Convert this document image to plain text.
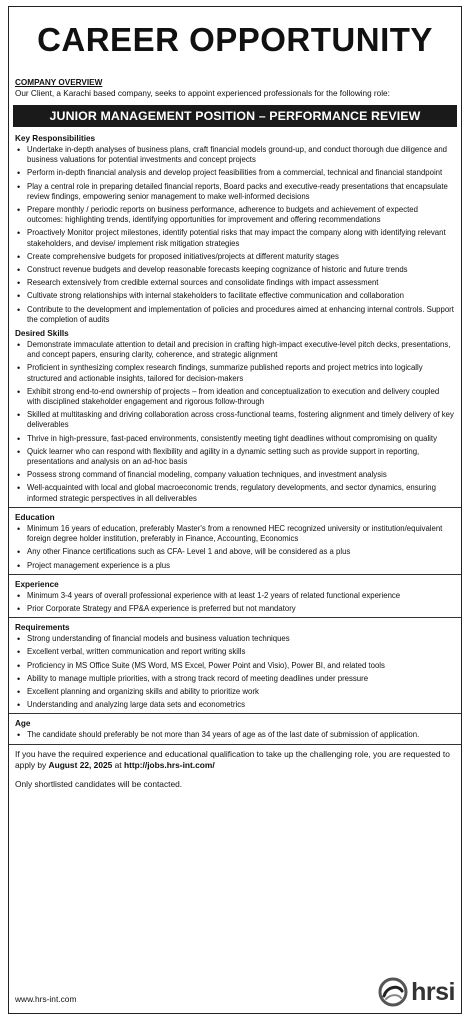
CAREER OPPORTUNITY
COMPANY OVERVIEW
Our Client, a Karachi based company, seeks to appoint experienced professionals for the following role:
JUNIOR MANAGEMENT POSITION – PERFORMANCE REVIEW
Key Responsibilities
• Undertake in-depth analyses of business plans, craft financial models ground-up, and conduct thorough due diligence and business valuations for potential investments and concept projects
• Perform in-depth financial analysis and develop project feasibilities from a commercial, technical and financial standpoint
• Play a central role in preparing detailed financial reports, Board packs and executive-ready presentations that encapsulate review findings, empowering senior management to make well-informed decisions
• Prepare monthly / periodic reports on business performance, adherence to budgets and achievement of expected outcomes: highlighting trends, identifying opportunities for improvement and offering recommendations
• Proactively Monitor project milestones, identify potential risks that may impact the company along with identifying relevant stakeholders, and devise/ implement risk mitigation strategies
• Create comprehensive budgets for proposed initiatives/projects at different maturity stages
• Construct revenue budgets and develop reasonable forecasts keeping cognizance of historic and future trends
• Research extensively from credible external sources and consolidate findings with impact assessment
• Cultivate strong relationships with internal stakeholders to facilitate effective communication and collaboration
• Contribute to the development and implementation of policies and procedures aimed at enhancing internal controls. Support the completion of audits
Desired Skills
• Demonstrate immaculate attention to detail and precision in crafting high-impact executive-level pitch decks, presentations, and concept papers, ensuring clarity, coherence, and strategic alignment
• Proficient in synthesizing complex research findings, summarize published reports and project metrics into logically structured and actionable insights, tailored for decision-makers
• Exhibit strong end-to-end ownership of projects – from ideation and conceptualization to execution and delivery coupled with disciplined stakeholder engagement and rigorous follow-through
• Skilled at multitasking and driving collaboration across cross-functional teams, fostering alignment and timely delivery of key deliverables
• Thrive in high-pressure, fast-paced environments, consistently meeting tight deadlines without compromising on quality
• Quick learner who can respond with flexibility and agility in a dynamic setting such as provide support in reporting, presentations and analysis on an ad-hoc basis
• Possess strong command of financial modeling, company valuation techniques, and investment analysis
• Well-acquainted with local and global macroeconomic trends, regulatory developments, and sector dynamics, ensuring informed strategic perspectives in all deliverables
Education
• Minimum 16 years of education, preferably Master's from a renowned HEC recognized university or institution/equivalent foreign degree holder institution, preferably in Finance, Accounting, Economics
• Any other Finance certifications such as CFA- Level 1 and above, will be considered as a plus
• Project management experience is a plus
Experience
• Minimum 3-4 years of overall professional experience with at least 1-2 years of related functional experience
• Prior Corporate Strategy and FP&A experience is preferred but not mandatory
Requirements
• Strong understanding of financial models and business valuation techniques
• Excellent verbal, written communication and report writing skills
• Proficiency in MS Office Suite (MS Word, MS Excel, Power Point and Visio), Power BI, and related tools
• Ability to manage multiple priorities, with a strong track record of meeting deadlines under pressure
• Excellent planning and organizing skills and ability to prioritize work
• Understanding and analyzing large data sets and econometrics
Age
• The candidate should preferably be not more than 34 years of age as of the last date of submission of application.
If you have the required experience and educational qualification to take up the challenging role, you are requested to apply by August 22, 2025 at http://jobs.hrs-int.com/
Only shortlisted candidates will be contacted.
www.hrs-int.com	hrsi
